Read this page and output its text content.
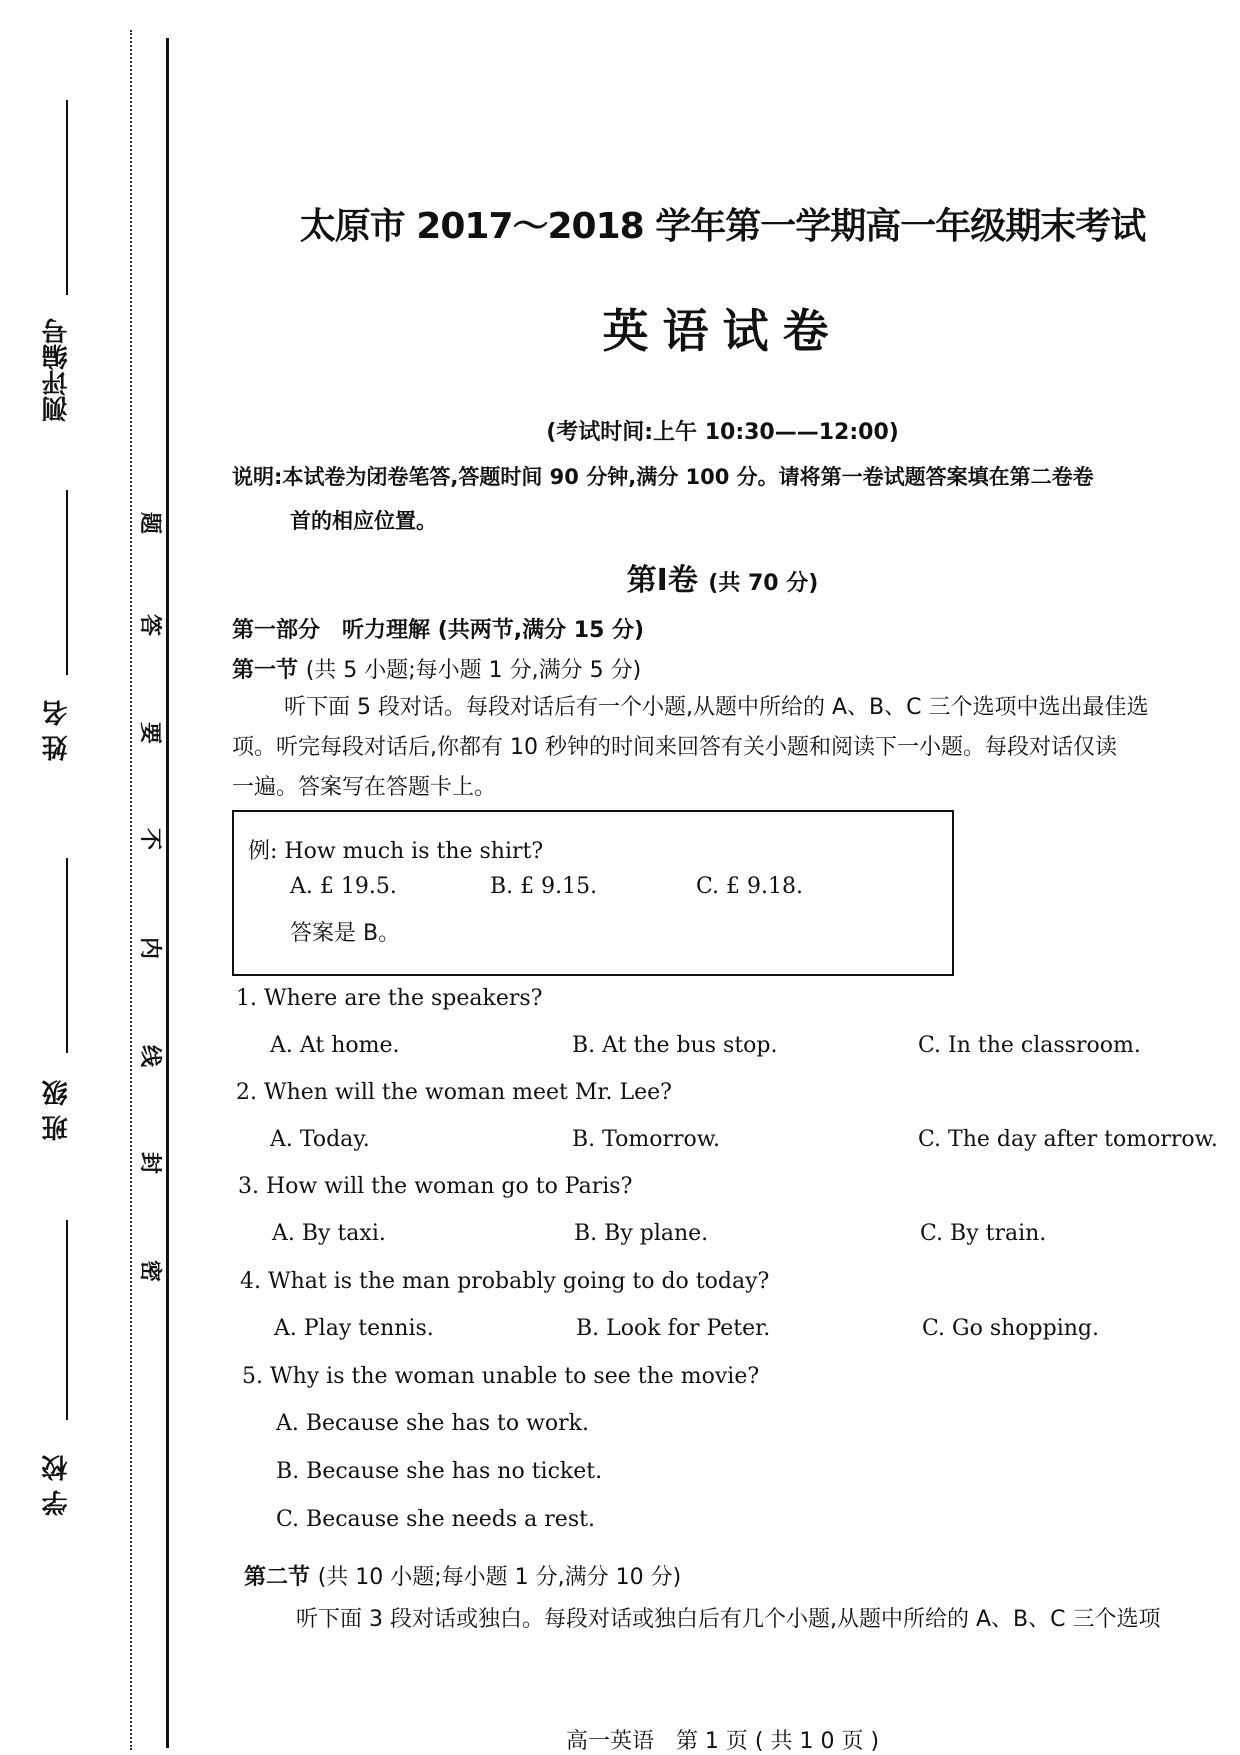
测评编号
姓 名
班 级
学 校
题
答
要
不
内
线
封
密
太原市 2017～2018 学年第一学期高一年级期末考试
英语试卷
(考试时间:上午 10:30——12:00)
说明:本试卷为闭卷笔答,答题时间 90 分钟,满分 100 分。请将第一卷试题答案填在第二卷卷
首的相应位置。
第Ⅰ卷 (共 70 分)
第一部分　听力理解 (共两节,满分 15 分)
第一节 (共 5 小题;每小题 1 分,满分 5 分)
听下面 5 段对话。每段对话后有一个小题,从题中所给的 A、B、C 三个选项中选出最佳选
项。听完每段对话后,你都有 10 秒钟的时间来回答有关小题和阅读下一小题。每段对话仅读
一遍。答案写在答题卡上。
例: How much is the shirt?
A. £ 19.5.	B. £ 9.15.	C. £ 9.18.
答案是 B。
1. Where are the speakers?
A. At home.	B. At the bus stop.	C. In the classroom.
2. When will the woman meet Mr. Lee?
A. Today.	B. Tomorrow.	C. The day after tomorrow.
3. How will the woman go to Paris?
A. By taxi.	B. By plane.	C. By train.
4. What is the man probably going to do today?
A. Play tennis.	B. Look for Peter.	C. Go shopping.
5. Why is the woman unable to see the movie?
A. Because she has to work.
B. Because she has no ticket.
C. Because she needs a rest.
第二节 (共 10 小题;每小题 1 分,满分 10 分)
听下面 3 段对话或独白。每段对话或独白后有几个小题,从题中所给的 A、B、C 三个选项
高一英语　第 1 页 ( 共 1 0 页 )
